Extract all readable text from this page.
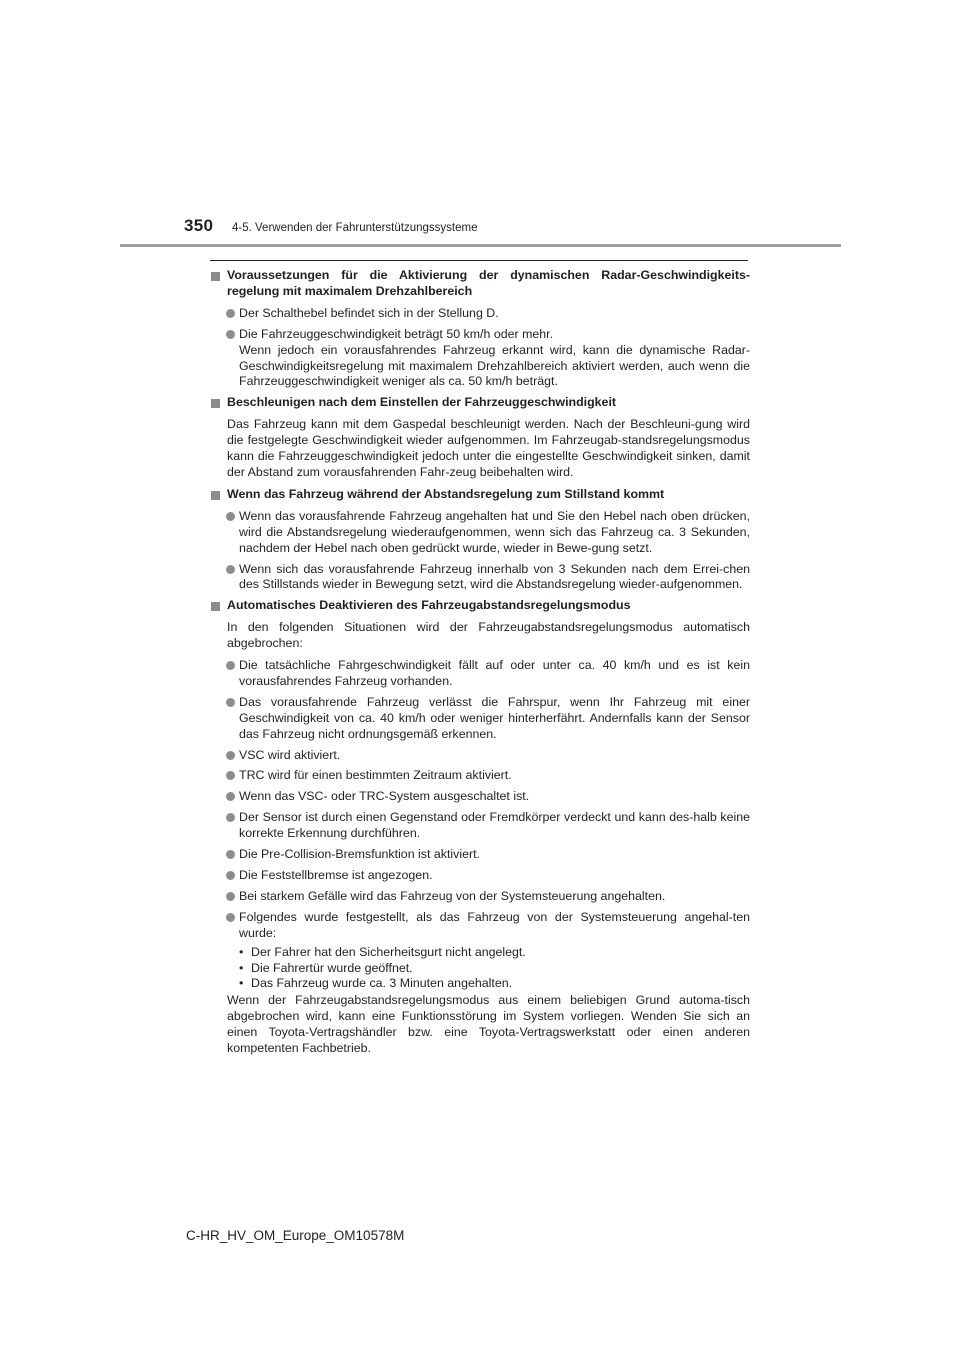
350 4-5. Verwenden der Fahrunterstützungssysteme
Voraussetzungen für die Aktivierung der dynamischen Radar-Geschwindigkeits-regelung mit maximalem Drehzahlbereich
Der Schalthebel befindet sich in der Stellung D.
Die Fahrzeuggeschwindigkeit beträgt 50 km/h oder mehr.
Wenn jedoch ein vorausfahrendes Fahrzeug erkannt wird, kann die dynamische Radar-Geschwindigkeitsregelung mit maximalem Drehzahlbereich aktiviert werden, auch wenn die Fahrzeuggeschwindigkeit weniger als ca. 50 km/h beträgt.
Beschleunigen nach dem Einstellen der Fahrzeuggeschwindigkeit
Das Fahrzeug kann mit dem Gaspedal beschleunigt werden. Nach der Beschleuni-gung wird die festgelegte Geschwindigkeit wieder aufgenommen. Im Fahrzeugab-standsregelungsmodus kann die Fahrzeuggeschwindigkeit jedoch unter die eingestellte Geschwindigkeit sinken, damit der Abstand zum vorausfahrenden Fahr-zeug beibehalten wird.
Wenn das Fahrzeug während der Abstandsregelung zum Stillstand kommt
Wenn das vorausfahrende Fahrzeug angehalten hat und Sie den Hebel nach oben drücken, wird die Abstandsregelung wiederaufgenommen, wenn sich das Fahrzeug ca. 3 Sekunden, nachdem der Hebel nach oben gedrückt wurde, wieder in Bewe-gung setzt.
Wenn sich das vorausfahrende Fahrzeug innerhalb von 3 Sekunden nach dem Errei-chen des Stillstands wieder in Bewegung setzt, wird die Abstandsregelung wieder-aufgenommen.
Automatisches Deaktivieren des Fahrzeugabstandsregelungsmodus
In den folgenden Situationen wird der Fahrzeugabstandsregelungsmodus automatisch abgebrochen:
Die tatsächliche Fahrgeschwindigkeit fällt auf oder unter ca. 40 km/h und es ist kein vorausfahrendes Fahrzeug vorhanden.
Das vorausfahrende Fahrzeug verlässt die Fahrspur, wenn Ihr Fahrzeug mit einer Geschwindigkeit von ca. 40 km/h oder weniger hinterherfährt. Andernfalls kann der Sensor das Fahrzeug nicht ordnungsgemäß erkennen.
VSC wird aktiviert.
TRC wird für einen bestimmten Zeitraum aktiviert.
Wenn das VSC- oder TRC-System ausgeschaltet ist.
Der Sensor ist durch einen Gegenstand oder Fremdkörper verdeckt und kann des-halb keine korrekte Erkennung durchführen.
Die Pre-Collision-Bremsfunktion ist aktiviert.
Die Feststellbremse ist angezogen.
Bei starkem Gefälle wird das Fahrzeug von der Systemsteuerung angehalten.
Folgendes wurde festgestellt, als das Fahrzeug von der Systemsteuerung angehal-ten wurde:
• Der Fahrer hat den Sicherheitsgurt nicht angelegt.
• Die Fahrertür wurde geöffnet.
• Das Fahrzeug wurde ca. 3 Minuten angehalten.
Wenn der Fahrzeugabstandsregelungsmodus aus einem beliebigen Grund automa-tisch abgebrochen wird, kann eine Funktionsstörung im System vorliegen. Wenden Sie sich an einen Toyota-Vertragshändler bzw. eine Toyota-Vertragswerkstatt oder einen anderen kompetenten Fachbetrieb.
C-HR_HV_OM_Europe_OM10578M
